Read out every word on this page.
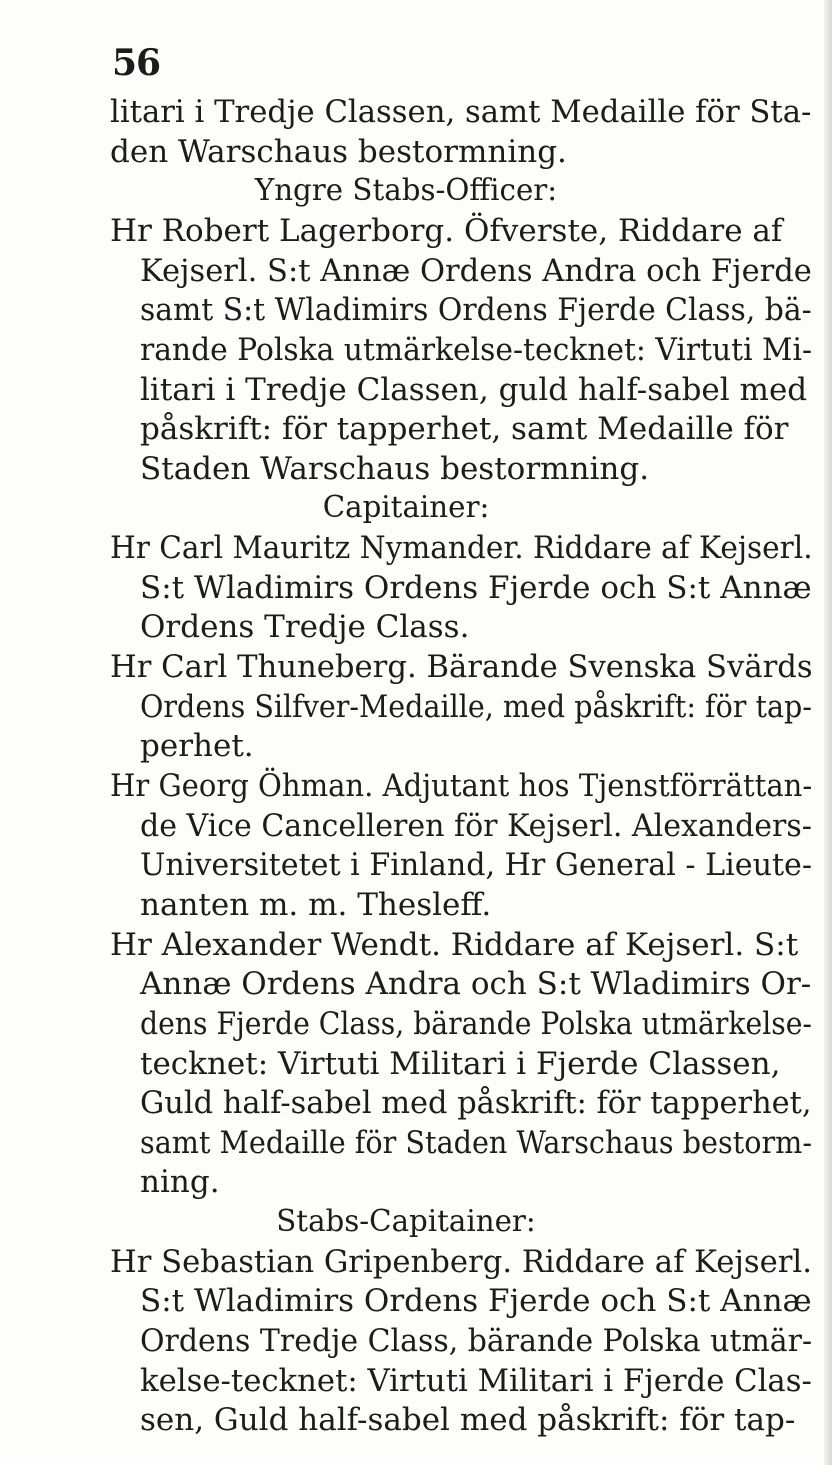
56
litari i Tredje Classen, samt Medaille för Sta-
den Warschaus bestormning.
Yngre Stabs-Officer:
Hr Robert Lagerborg. Öfverste, Riddare af
Kejserl. S:t Annæ Ordens Andra och Fjerde
samt S:t Wladimirs Ordens Fjerde Class, bä-
rande Polska utmärkelse-tecknet: Virtuti Mi-
litari i Tredje Classen, guld half-sabel med
påskrift: för tapperhet, samt Medaille för
Staden Warschaus bestormning.
Capitainer:
Hr Carl Mauritz Nymander. Riddare af Kejserl.
S:t Wladimirs Ordens Fjerde och S:t Annæ
Ordens Tredje Class.
Hr Carl Thuneberg. Bärande Svenska Svärds
Ordens Silfver-Medaille, med påskrift: för tap-
perhet.
Hr Georg Öhman. Adjutant hos Tjenstförrättan-
de Vice Cancelleren för Kejserl. Alexanders-
Universitetet i Finland, Hr General - Lieute-
nanten m. m. Thesleff.
Hr Alexander Wendt. Riddare af Kejserl. S:t
Annæ Ordens Andra och S:t Wladimirs Or-
dens Fjerde Class, bärande Polska utmärkelse-
tecknet: Virtuti Militari i Fjerde Classen,
Guld half-sabel med påskrift: för tapperhet,
samt Medaille för Staden Warschaus bestorm-
ning.
Stabs-Capitainer:
Hr Sebastian Gripenberg. Riddare af Kejserl.
S:t Wladimirs Ordens Fjerde och S:t Annæ
Ordens Tredje Class, bärande Polska utmär-
kelse-tecknet: Virtuti Militari i Fjerde Clas-
sen, Guld half-sabel med påskrift: för tap-
